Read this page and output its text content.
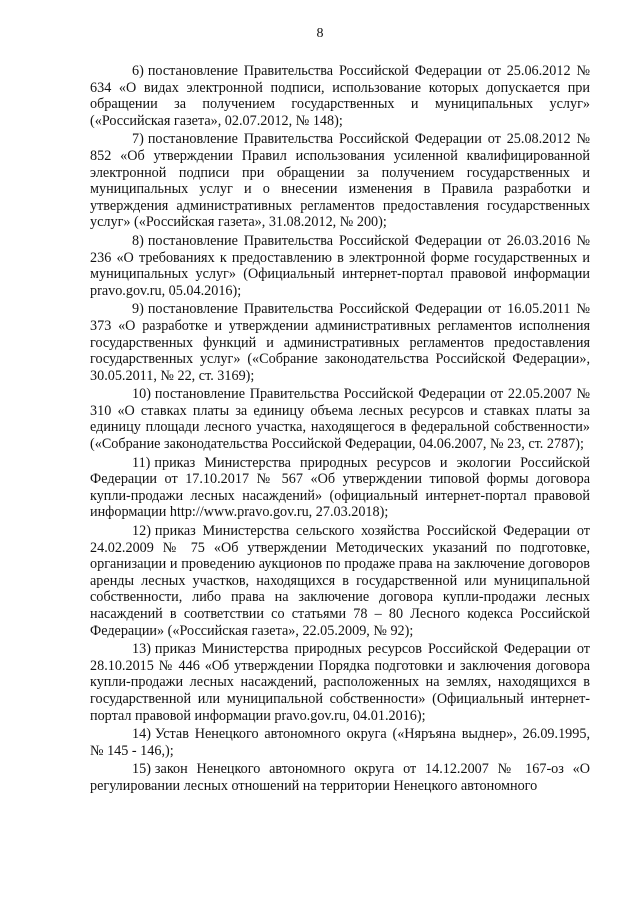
8

6) постановление Правительства Российской Федерации от 25.06.2012 № 634 «О видах электронной подписи, использование которых допускается при обращении за получением государственных и муниципальных услуг» («Российская газета», 02.07.2012, № 148);

7) постановление Правительства Российской Федерации от 25.08.2012 № 852 «Об утверждении Правил использования усиленной квалифицированной электронной подписи при обращении за получением государственных и муниципальных услуг и о внесении изменения в Правила разработки и утверждения административных регламентов предоставления государственных услуг» («Российская газета», 31.08.2012, № 200);

8) постановление Правительства Российской Федерации от 26.03.2016 № 236 «О требованиях к предоставлению в электронной форме государственных и муниципальных услуг» (Официальный интернет-портал правовой информации pravo.gov.ru, 05.04.2016);

9) постановление Правительства Российской Федерации от 16.05.2011 № 373 «О разработке и утверждении административных регламентов исполнения государственных функций и административных регламентов предоставления государственных услуг» («Собрание законодательства Российской Федерации», 30.05.2011, № 22, ст. 3169);

10) постановление Правительства Российской Федерации от 22.05.2007 № 310 «О ставках платы за единицу объема лесных ресурсов и ставках платы за единицу площади лесного участка, находящегося в федеральной собственности» («Собрание законодательства Российской Федерации, 04.06.2007, № 23, ст. 2787);

11) приказ Министерства природных ресурсов и экологии Российской Федерации от 17.10.2017 № 567 «Об утверждении типовой формы договора купли-продажи лесных насаждений» (официальный интернет-портал правовой информации http://www.pravo.gov.ru, 27.03.2018);

12) приказ Министерства сельского хозяйства Российской Федерации от 24.02.2009 № 75 «Об утверждении Методических указаний по подготовке, организации и проведению аукционов по продаже права на заключение договоров аренды лесных участков, находящихся в государственной или муниципальной собственности, либо права на заключение договора купли-продажи лесных насаждений в соответствии со статьями 78 – 80 Лесного кодекса Российской Федерации» («Российская газета», 22.05.2009, № 92);

13) приказ Министерства природных ресурсов Российской Федерации от 28.10.2015 № 446 «Об утверждении Порядка подготовки и заключения договора купли-продажи лесных насаждений, расположенных на землях, находящихся в государственной или муниципальной собственности» (Официальный интернет-портал правовой информации pravo.gov.ru, 04.01.2016);

14) Устав Ненецкого автономного округа («Няръяна выднер», 26.09.1995, № 145 - 146,);

15) закон Ненецкого автономного округа от 14.12.2007 № 167-оз «О регулировании лесных отношений на территории Ненецкого автономного
